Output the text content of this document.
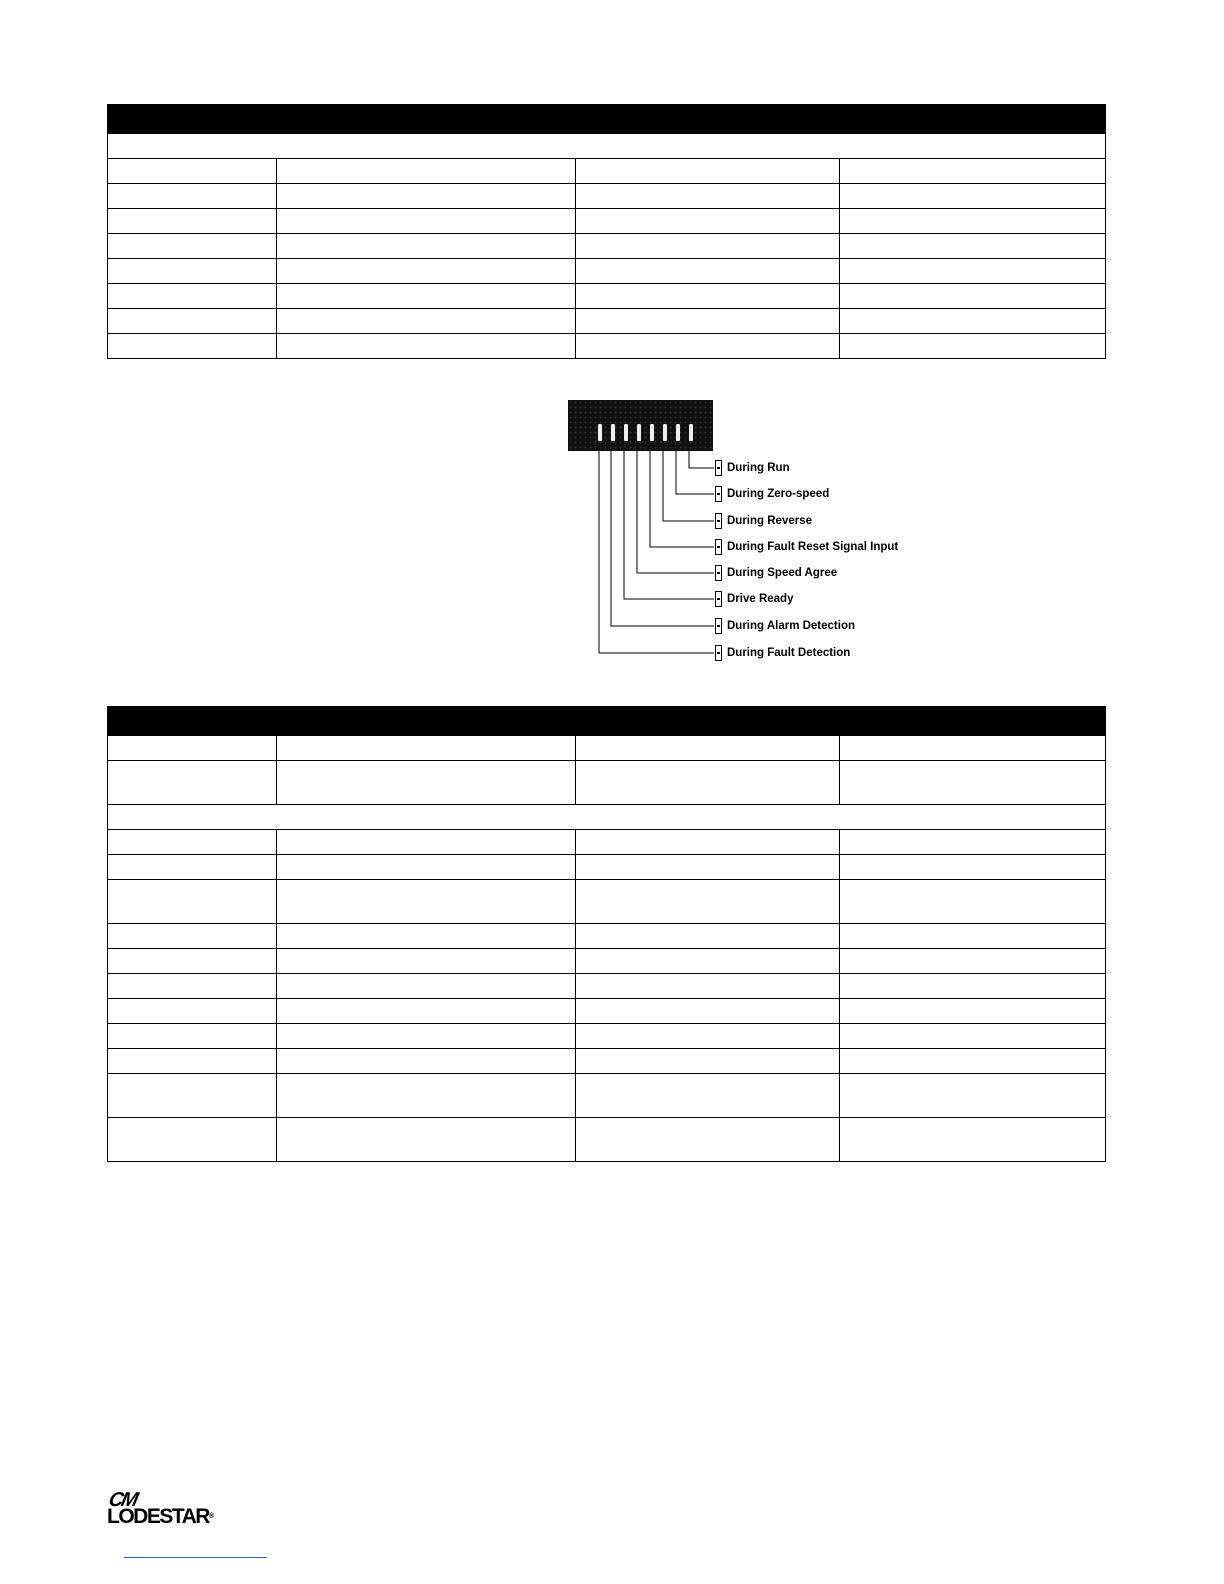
During Run
During Zero-speed
During Reverse
During Fault Reset Signal Input
During Speed Agree
Drive Ready
During Alarm Detection
During Fault Detection

CM
LODESTAR®
